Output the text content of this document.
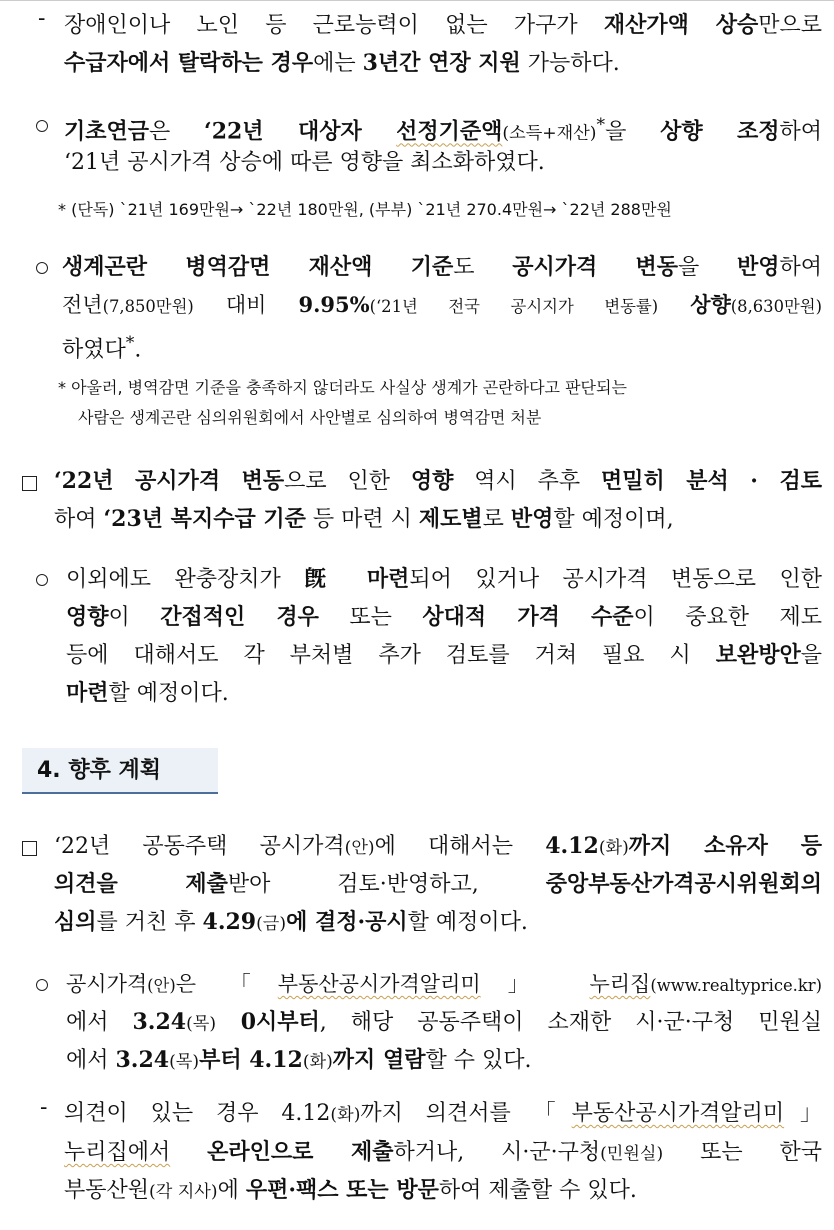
- 장애인이나 노인 등 근로능력이 없는 가구가 재산가액 상승만으로
수급자에서 탈락하는 경우에는 3년간 연장 지원 가능하다.
기초연금은 ‘22년 대상자 선정기준액(소득+재산)*을 상향 조정하여
‘21년 공시가격 상승에 따른 영향을 최소화하였다.
* (단독) `21년 169만원→ `22년 180만원, (부부) `21년 270.4만원→ `22년 288만원
생계곤란 병역감면 재산액 기준도 공시가격 변동을 반영하여
전년(7,850만원) 대비 9.95%(‘21년 전국 공시지가 변동률) 상향(8,630만원)
하였다*.
* 아울러, 병역감면 기준을 충족하지 않더라도 사실상 생계가 곤란하다고 판단되는
사람은 생계곤란 심의위원회에서 사안별로 심의하여 병역감면 처분
‘22년 공시가격 변동으로 인한 영향 역시 추후 면밀히 분석 · 검토
하여 ‘23년 복지수급 기준 등 마련 시 제도별로 반영할 예정이며,
이외에도 완충장치가 旣 마련되어 있거나 공시가격 변동으로 인한
영향이 간접적인 경우 또는 상대적 가격 수준이 중요한 제도
등에 대해서도 각 부처별 추가 검토를 거쳐 필요 시 보완방안을
마련할 예정이다.
4. 향후 계획
‘22년 공동주택 공시가격(안)에 대해서는 4.12(화)까지 소유자 등
의견을 제출받아 검토·반영하고, 중앙부동산가격공시위원회의
심의를 거친 후 4.29(금)에 결정·공시할 예정이다.
공시가격(안)은 「부동산공시가격알리미」 누리집(www.realtyprice.kr)
에서 3.24(목) 0시부터, 해당 공동주택이 소재한 시·군·구청 민원실
에서 3.24(목)부터 4.12(화)까지 열람할 수 있다.
- 의견이 있는 경우 4.12(화)까지 의견서를 「부동산공시가격알리미」
누리집에서 온라인으로 제출하거나, 시·군·구청(민원실) 또는 한국
부동산원(각 지사)에 우편·팩스 또는 방문하여 제출할 수 있다.
